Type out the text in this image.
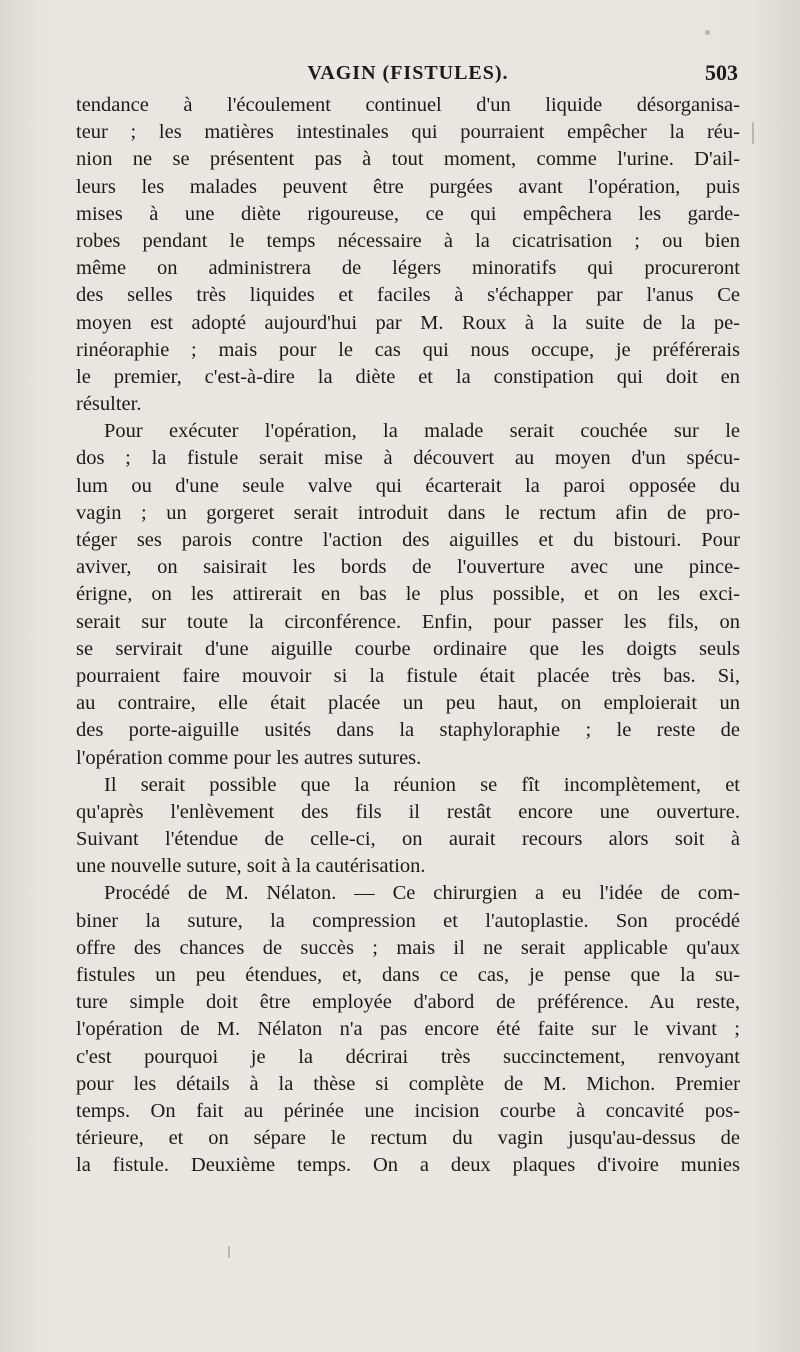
VAGIN (FISTULES).	503
tendance à l'écoulement continuel d'un liquide désorganisa-
teur ; les matières intestinales qui pourraient empêcher la réu-
nion ne se présentent pas à tout moment, comme l'urine. D'ail-
leurs les malades peuvent être purgées avant l'opération, puis
mises à une diète rigoureuse, ce qui empêchera les garde-
robes pendant le temps nécessaire à la cicatrisation ; ou bien
même on administrera de légers minoratifs qui procureront
des selles très liquides et faciles à s'échapper par l'anus Ce
moyen est adopté aujourd'hui par M. Roux à la suite de la pe-
rinéoraphie ; mais pour le cas qui nous occupe, je préférerais
le premier, c'est-à-dire la diète et la constipation qui doit en
résulter.
Pour exécuter l'opération, la malade serait couchée sur le
dos ; la fistule serait mise à découvert au moyen d'un spécu-
lum ou d'une seule valve qui écarterait la paroi opposée du
vagin ; un gorgeret serait introduit dans le rectum afin de pro-
téger ses parois contre l'action des aiguilles et du bistouri. Pour
aviver, on saisirait les bords de l'ouverture avec une pince-
érigne, on les attirerait en bas le plus possible, et on les exci-
serait sur toute la circonférence. Enfin, pour passer les fils, on
se servirait d'une aiguille courbe ordinaire que les doigts seuls
pourraient faire mouvoir si la fistule était placée très bas. Si,
au contraire, elle était placée un peu haut, on emploierait un
des porte-aiguille usités dans la staphyloraphie ; le reste de
l'opération comme pour les autres sutures.
Il serait possible que la réunion se fît incomplètement, et
qu'après l'enlèvement des fils il restât encore une ouverture.
Suivant l'étendue de celle-ci, on aurait recours alors soit à
une nouvelle suture, soit à la cautérisation.
Procédé de M. Nélaton. — Ce chirurgien a eu l'idée de com-
biner la suture, la compression et l'autoplastie. Son procédé
offre des chances de succès ; mais il ne serait applicable qu'aux
fistules un peu étendues, et, dans ce cas, je pense que la su-
ture simple doit être employée d'abord de préférence. Au reste,
l'opération de M. Nélaton n'a pas encore été faite sur le vivant ;
c'est pourquoi je la décrirai très succinctement, renvoyant
pour les détails à la thèse si complète de M. Michon. Premier
temps. On fait au périnée une incision courbe à concavité pos-
térieure, et on sépare le rectum du vagin jusqu'au-dessus de
la fistule. Deuxième temps. On a deux plaques d'ivoire munies
